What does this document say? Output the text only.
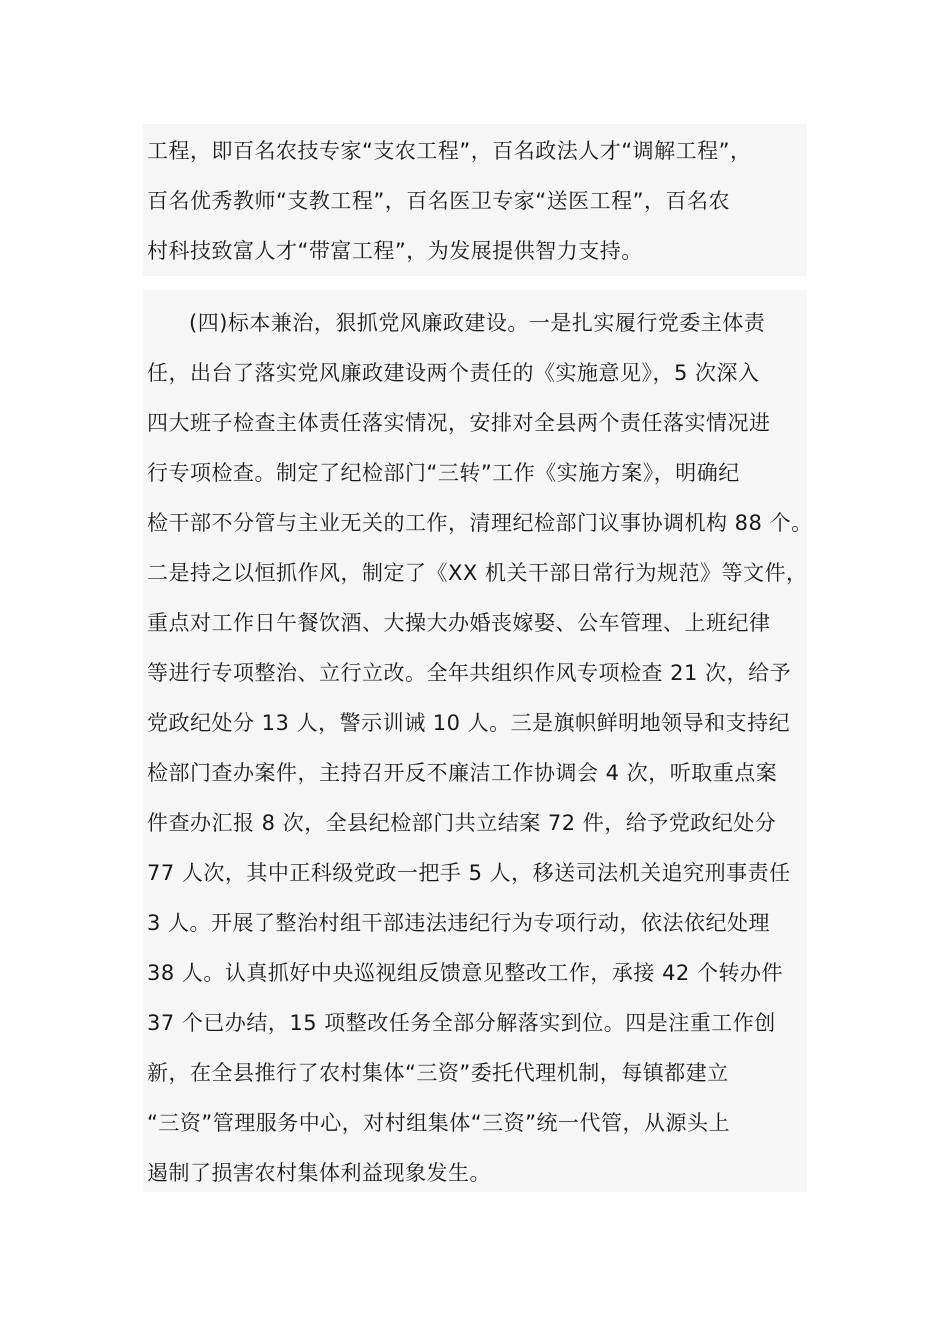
工程，即百名农技专家“支农工程”，百名政法人才“调解工程”，
百名优秀教师“支教工程”，百名医卫专家“送医工程”，百名农
村科技致富人才“带富工程”，为发展提供智力支持。
(四)标本兼治，狠抓党风廉政建设。一是扎实履行党委主体责
任，出台了落实党风廉政建设两个责任的《实施意见》，5 次深入
四大班子检查主体责任落实情况，安排对全县两个责任落实情况进
行专项检查。制定了纪检部门“三转”工作《实施方案》，明确纪
检干部不分管与主业无关的工作，清理纪检部门议事协调机构 88 个。
二是持之以恒抓作风，制定了《XX 机关干部日常行为规范》等文件，
重点对工作日午餐饮酒、大操大办婚丧嫁娶、公车管理、上班纪律
等进行专项整治、立行立改。全年共组织作风专项检查 21 次，给予
党政纪处分 13 人，警示训诫 10 人。三是旗帜鲜明地领导和支持纪
检部门查办案件，主持召开反不廉洁工作协调会 4 次，听取重点案
件查办汇报 8 次，全县纪检部门共立结案 72 件，给予党政纪处分
77 人次，其中正科级党政一把手 5 人，移送司法机关追究刑事责任
3 人。开展了整治村组干部违法违纪行为专项行动，依法依纪处理
38 人。认真抓好中央巡视组反馈意见整改工作，承接 42 个转办件
37 个已办结，15 项整改任务全部分解落实到位。四是注重工作创
新，在全县推行了农村集体“三资”委托代理机制，每镇都建立
“三资”管理服务中心，对村组集体“三资”统一代管，从源头上
遏制了损害农村集体利益现象发生。
